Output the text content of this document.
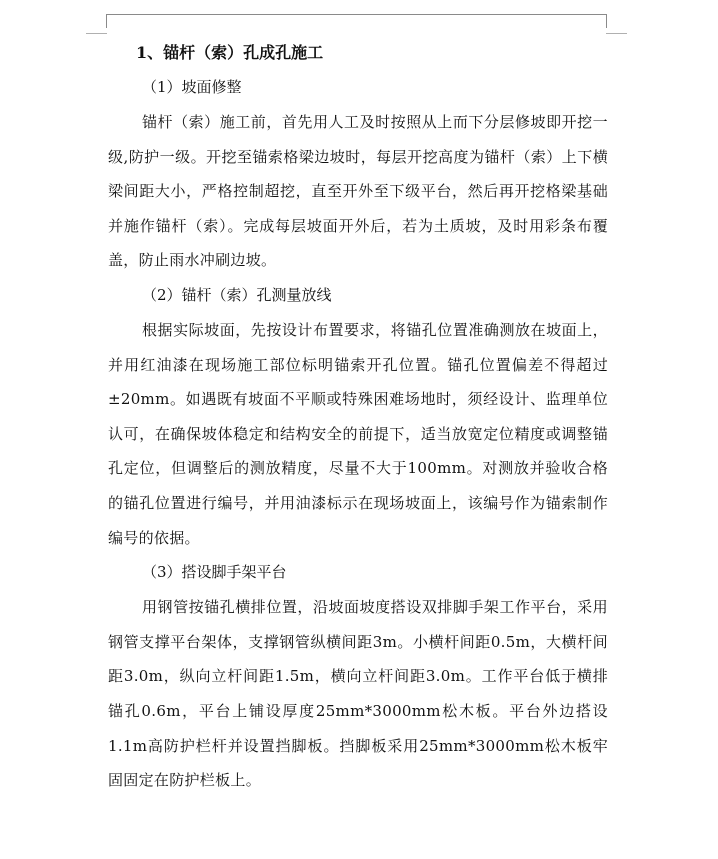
1、锚杆（索）孔成孔施工

（1）坡面修整

锚杆（索）施工前，首先用人工及时按照从上而下分层修坡即开挖一级,防护一级。开挖至锚索格梁边坡时，每层开挖高度为锚杆（索）上下横梁间距大小，严格控制超挖，直至开外至下级平台，然后再开挖格梁基础并施作锚杆（索）。完成每层坡面开外后，若为土质坡，及时用彩条布覆盖，防止雨水冲刷边坡。

（2）锚杆（索）孔测量放线

根据实际坡面，先按设计布置要求，将锚孔位置准确测放在坡面上，并用红油漆在现场施工部位标明锚索开孔位置。锚孔位置偏差不得超过±20mm。如遇既有坡面不平顺或特殊困难场地时，须经设计、监理单位认可，在确保坡体稳定和结构安全的前提下，适当放宽定位精度或调整锚孔定位，但调整后的测放精度，尽量不大于100mm。对测放并验收合格的锚孔位置进行编号，并用油漆标示在现场坡面上，该编号作为锚索制作编号的依据。

（3）搭设脚手架平台

用钢管按锚孔横排位置，沿坡面坡度搭设双排脚手架工作平台，采用钢管支撑平台架体，支撑钢管纵横间距3m。小横杆间距0.5m，大横杆间距3.0m，纵向立杆间距1.5m，横向立杆间距3.0m。工作平台低于横排锚孔0.6m，平台上铺设厚度25mm*3000mm松木板。平台外边搭设1.1m高防护栏杆并设置挡脚板。挡脚板采用25mm*3000mm松木板牢固固定在防护栏板上。
